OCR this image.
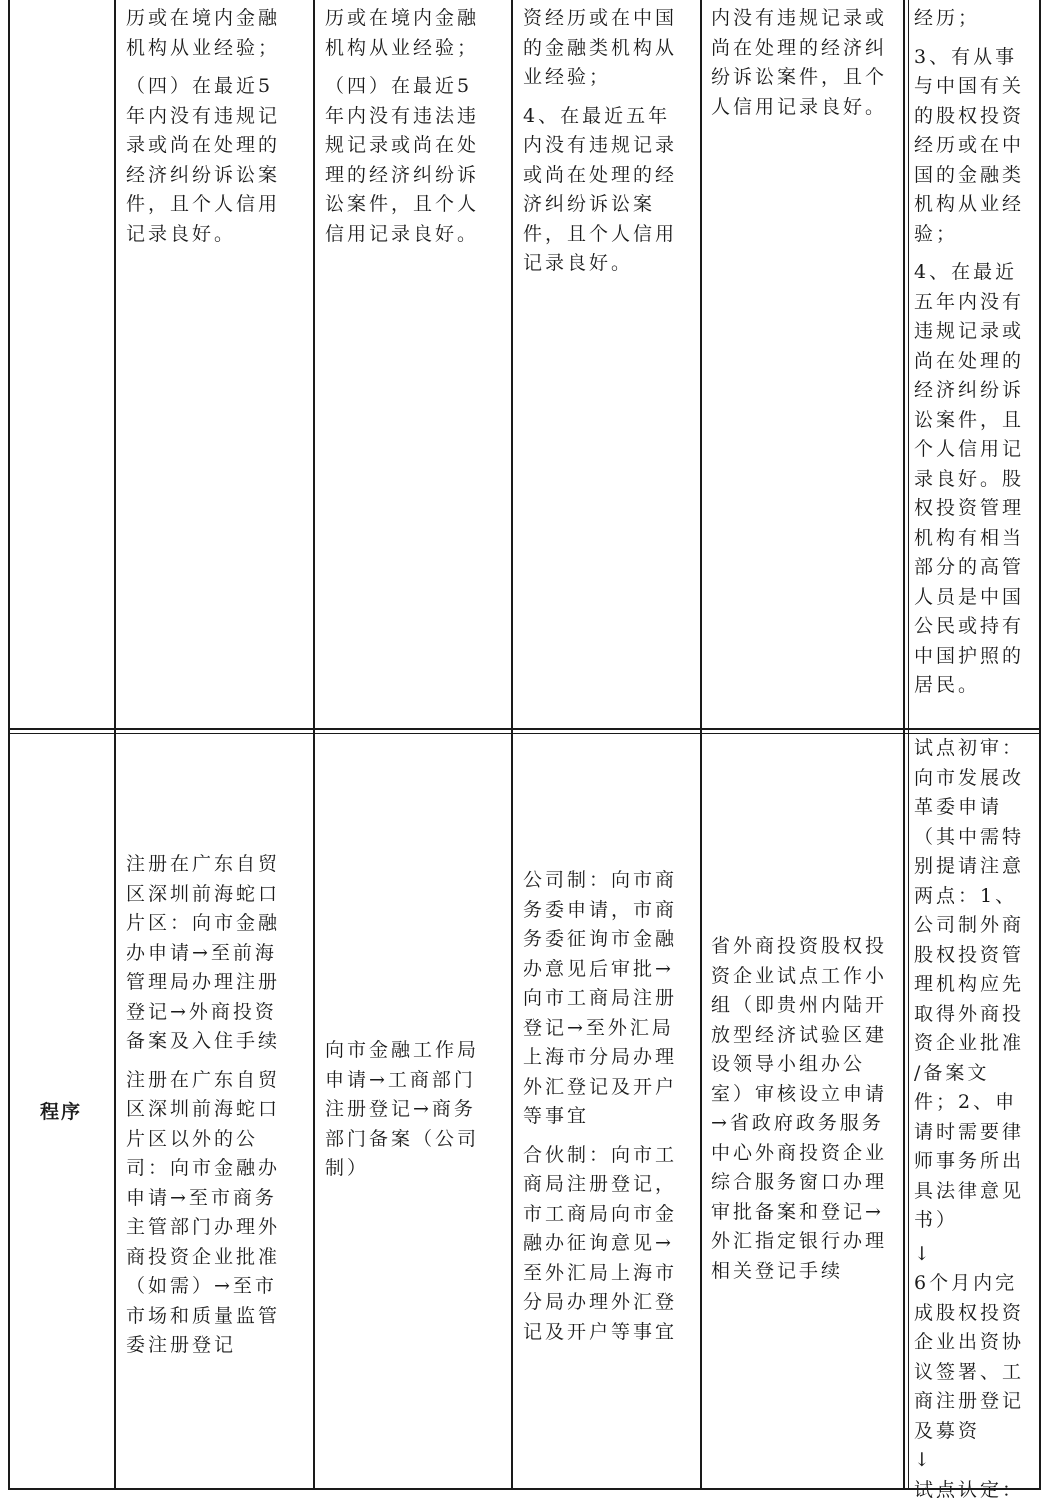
历或在境内金融
机构从业经验；

（四）在最近5
年内没有违规记
录或尚在处理的
经济纠纷诉讼案
件，且个人信用
记录良好。

历或在境内金融
机构从业经验；

（四）在最近5
年内没有违法违
规记录或尚在处
理的经济纠纷诉
讼案件，且个人
信用记录良好。

资经历或在中国
的金融类机构从
业经验；

4、在最近五年
内没有违规记录
或尚在处理的经
济纠纷诉讼案
件，且个人信用
记录良好。

内没有违规记录或
尚在处理的经济纠
纷诉讼案件，且个
人信用记录良好。

经历；

3、有从事
与中国有关
的股权投资
经历或在中
国的金融类
机构从业经
验；

4、在最近
五年内没有
违规记录或
尚在处理的
经济纠纷诉
讼案件，且
个人信用记
录良好。股
权投资管理
机构有相当
部分的高管
人员是中国
公民或持有
中国护照的
居民。

程序

注册在广东自贸
区深圳前海蛇口
片区：向市金融
办申请→至前海
管理局办理注册
登记→外商投资
备案及入住手续

注册在广东自贸
区深圳前海蛇口
片区以外的公
司：向市金融办
申请→至市商务
主管部门办理外
商投资企业批准
（如需）→至市
市场和质量监管
委注册登记

向市金融工作局
申请→工商部门
注册登记→商务
部门备案（公司
制）

公司制：向市商
务委申请，市商
务委征询市金融
办意见后审批→
向市工商局注册
登记→至外汇局
上海市分局办理
外汇登记及开户
等事宜

合伙制：向市工
商局注册登记，
市工商局向市金
融办征询意见→
至外汇局上海市
分局办理外汇登
记及开户等事宜

省外商投资股权投
资企业试点工作小
组（即贵州内陆开
放型经济试验区建
设领导小组办公
室）审核设立申请
→省政府政务服务
中心外商投资企业
综合服务窗口办理
审批备案和登记→
外汇指定银行办理
相关登记手续

试点初审：
向市发展改
革委申请
（其中需特
别提请注意
两点：1、
公司制外商
股权投资管
理机构应先
取得外商投
资企业批准
/备案文
件；2、申
请时需要律
师事务所出
具法律意见
书）

↓
6个月内完
成股权投资
企业出资协
议签署、工
商注册登记
及募资

↓
试点认定：
